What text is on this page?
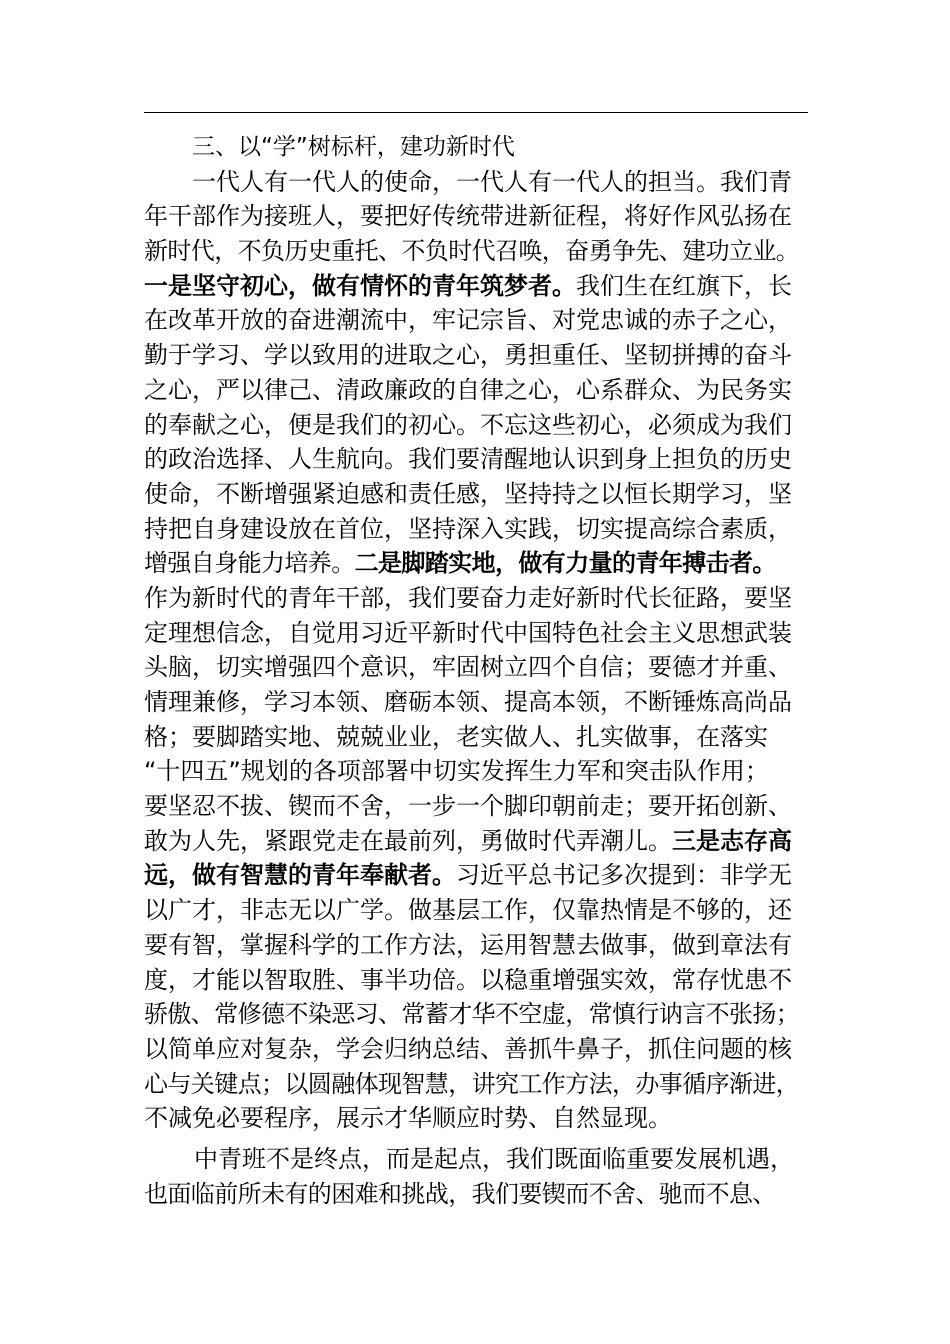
三、以“学”树标杆，建功新时代
一代人有一代人的使命，一代人有一代人的担当。我们青
年干部作为接班人，要把好传统带进新征程，将好作风弘扬在
新时代，不负历史重托、不负时代召唤，奋勇争先、建功立业。
一是坚守初心，做有情怀的青年筑梦者。我们生在红旗下，长
在改革开放的奋进潮流中，牢记宗旨、对党忠诚的赤子之心，
勤于学习、学以致用的进取之心，勇担重任、坚韧拼搏的奋斗
之心，严以律己、清政廉政的自律之心，心系群众、为民务实
的奉献之心，便是我们的初心。不忘这些初心，必须成为我们
的政治选择、人生航向。我们要清醒地认识到身上担负的历史
使命，不断增强紧迫感和责任感，坚持持之以恒长期学习，坚
持把自身建设放在首位，坚持深入实践，切实提高综合素质，
增强自身能力培养。二是脚踏实地，做有力量的青年搏击者。
作为新时代的青年干部，我们要奋力走好新时代长征路，要坚
定理想信念，自觉用习近平新时代中国特色社会主义思想武装
头脑，切实增强四个意识，牢固树立四个自信；要德才并重、
情理兼修，学习本领、磨砺本领、提高本领，不断锤炼高尚品
格；要脚踏实地、兢兢业业，老实做人、扎实做事，在落实
“十四五”规划的各项部署中切实发挥生力军和突击队作用；
要坚忍不拔、锲而不舍，一步一个脚印朝前走；要开拓创新、
敢为人先，紧跟党走在最前列，勇做时代弄潮儿。三是志存高
远，做有智慧的青年奉献者。习近平总书记多次提到：非学无
以广才，非志无以广学。做基层工作，仅靠热情是不够的，还
要有智，掌握科学的工作方法，运用智慧去做事，做到章法有
度，才能以智取胜、事半功倍。以稳重增强实效，常存忧患不
骄傲、常修德不染恶习、常蓄才华不空虚，常慎行讷言不张扬；
以简单应对复杂，学会归纳总结、善抓牛鼻子，抓住问题的核
心与关键点；以圆融体现智慧，讲究工作方法，办事循序渐进，
不减免必要程序，展示才华顺应时势、自然显现。
中青班不是终点，而是起点，我们既面临重要发展机遇，
也面临前所未有的困难和挑战，我们要锲而不舍、驰而不息、
